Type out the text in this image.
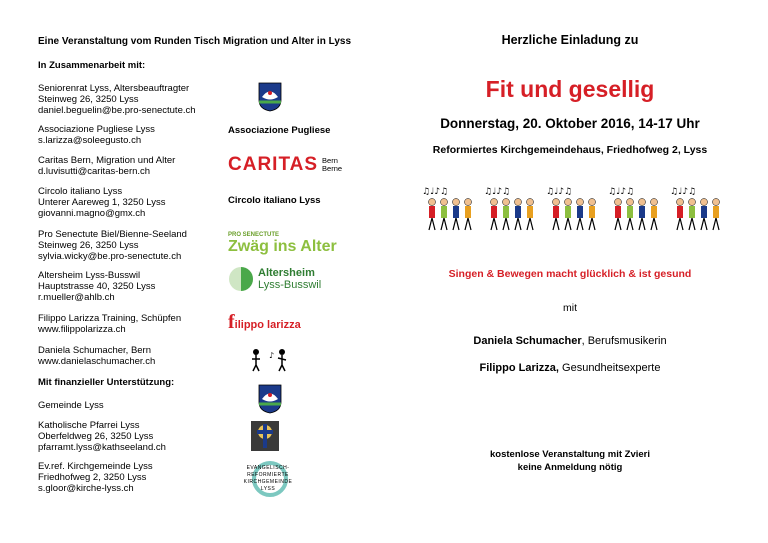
Eine Veranstaltung vom Runden Tisch Migration und Alter in Lyss
In Zusammenarbeit mit:
Seniorenrat Lyss, Altersbeauftragter
Steinweg 26, 3250 Lyss
daniel.beguelin@be.pro-senectute.ch
Associazione Pugliese Lyss
s.larizza@soleegusto.ch
Caritas Bern, Migration und Alter
d.luvisutti@caritas-bern.ch
Circolo italiano Lyss
Unterer Aareweg 1, 3250 Lyss
giovanni.magno@gmx.ch
Pro Senectute Biel/Bienne-Seeland
Steinweg 26, 3250 Lyss
sylvia.wicky@be.pro-senectute.ch
Altersheim Lyss-Busswil
Hauptstrasse 40, 3250 Lyss
r.mueller@ahlb.ch
Filippo Larizza Training, Schüpfen
www.filippolarizza.ch
Daniela Schumacher, Bern
www.danielaschumacher.ch
Mit finanzieller Unterstützung:
Gemeinde Lyss
Katholische Pfarrei Lyss
Oberfeldweg 26, 3250 Lyss
pfarramt.lyss@kathseeland.ch
Ev.ref. Kirchgemeinde Lyss
Friedhofweg 2, 3250 Lyss
s.gloor@kirche-lyss.ch
Associazione Pugliese
CARITAS Bern
Berne
Circolo italiano Lyss
PRO SENECTUTE
Zwäg ins Alter
Altersheim
Lyss-Busswil
f ilippo larizza
♪
EVANGELISCH-REFORMIERTE
KIRCHGEMEINDE
LYSS
Herzliche Einladung zu
Fit und gesellig
Donnerstag, 20. Oktober 2016, 14-17 Uhr
Reformiertes Kirchgemeindehaus, Friedhofweg 2, Lyss
♫♩♪♫
Singen & Bewegen macht glücklich & ist gesund
mit
Daniela Schumacher, Berufsmusikerin
Filippo Larizza, Gesundheitsexperte
kostenlose Veranstaltung mit Zvieri
keine Anmeldung nötig
